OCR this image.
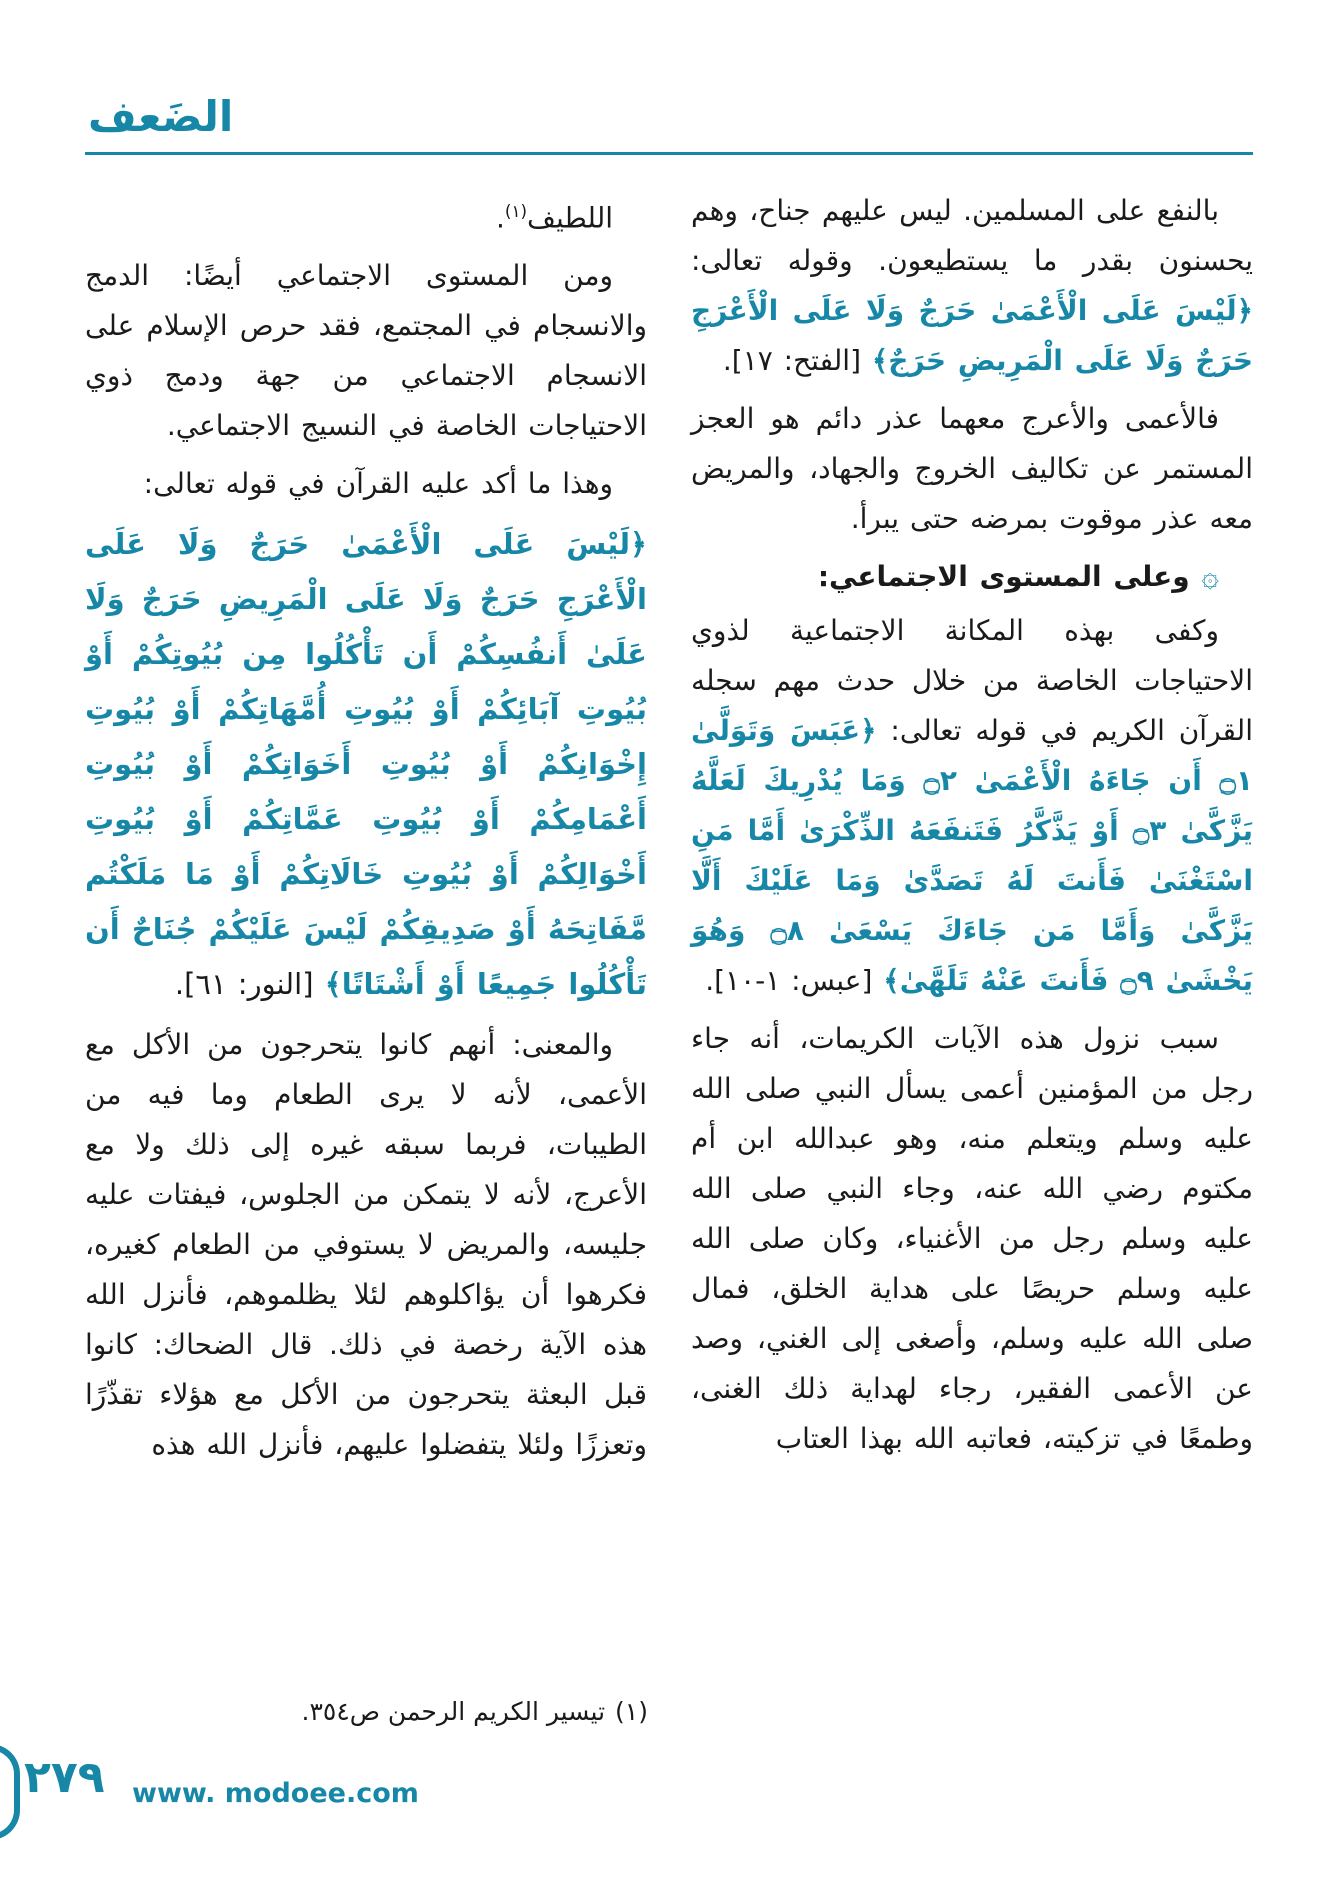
الضَعف

بالنفع على المسلمين. ليس عليهم جناح، وهم يحسنون بقدر ما يستطيعون. وقوله تعالى: ﴿لَيْسَ عَلَى الْأَعْمَىٰ حَرَجٌ وَلَا عَلَى الْأَعْرَجِ حَرَجٌ وَلَا عَلَى الْمَرِيضِ حَرَجٌ﴾ [الفتح: ١٧].

فالأعمى والأعرج معهما عذر دائم هو العجز المستمر عن تكاليف الخروج والجهاد، والمريض معه عذر موقوت بمرضه حتى يبرأ.

۞ وعلى المستوى الاجتماعي:

وكفى بهذه المكانة الاجتماعية لذوي الاحتياجات الخاصة من خلال حدث مهم سجله القرآن الكريم في قوله تعالى: ﴿عَبَسَ وَتَوَلَّىٰ ۝١ أَن جَاءَهُ الْأَعْمَىٰ ۝٢ وَمَا يُدْرِيكَ لَعَلَّهُ يَزَّكَّىٰ ۝٣ أَوْ يَذَّكَّرُ فَتَنفَعَهُ الذِّكْرَىٰ أَمَّا مَنِ اسْتَغْنَىٰ فَأَنتَ لَهُ تَصَدَّىٰ وَمَا عَلَيْكَ أَلَّا يَزَّكَّىٰ وَأَمَّا مَن جَاءَكَ يَسْعَىٰ ۝٨ وَهُوَ يَخْشَىٰ ۝٩ فَأَنتَ عَنْهُ تَلَهَّىٰ﴾ [عبس: ١-١٠].

سبب نزول هذه الآيات الكريمات، أنه جاء رجل من المؤمنين أعمى يسأل النبي صلى الله عليه وسلم ويتعلم منه، وهو عبدالله ابن أم مكتوم رضي الله عنه، وجاء النبي صلى الله عليه وسلم رجل من الأغنياء، وكان صلى الله عليه وسلم حريصًا على هداية الخلق، فمال صلى الله عليه وسلم، وأصغى إلى الغني، وصد عن الأعمى الفقير، رجاء لهداية ذلك الغنى، وطمعًا في تزكيته، فعاتبه الله بهذا العتاب

اللطيف$^{(١)}$.

ومن المستوى الاجتماعي أيضًا: الدمج والانسجام في المجتمع، فقد حرص الإسلام على الانسجام الاجتماعي من جهة ودمج ذوي الاحتياجات الخاصة في النسيج الاجتماعي.

وهذا ما أكد عليه القرآن في قوله تعالى:

﴿لَيْسَ عَلَى الْأَعْمَىٰ حَرَجٌ وَلَا عَلَى الْأَعْرَجِ حَرَجٌ وَلَا عَلَى الْمَرِيضِ حَرَجٌ وَلَا عَلَىٰ أَنفُسِكُمْ أَن تَأْكُلُوا مِن بُيُوتِكُمْ أَوْ بُيُوتِ آبَائِكُمْ أَوْ بُيُوتِ أُمَّهَاتِكُمْ أَوْ بُيُوتِ إِخْوَانِكُمْ أَوْ بُيُوتِ أَخَوَاتِكُمْ أَوْ بُيُوتِ أَعْمَامِكُمْ أَوْ بُيُوتِ عَمَّاتِكُمْ أَوْ بُيُوتِ أَخْوَالِكُمْ أَوْ بُيُوتِ خَالَاتِكُمْ أَوْ مَا مَلَكْتُم مَّفَاتِحَهُ أَوْ صَدِيقِكُمْ لَيْسَ عَلَيْكُمْ جُنَاحٌ أَن تَأْكُلُوا جَمِيعًا أَوْ أَشْتَاتًا﴾ [النور: ٦١].

والمعنى: أنهم كانوا يتحرجون من الأكل مع الأعمى، لأنه لا يرى الطعام وما فيه من الطيبات، فربما سبقه غيره إلى ذلك ولا مع الأعرج، لأنه لا يتمكن من الجلوس، فيفتات عليه جليسه، والمريض لا يستوفي من الطعام كغيره، فكرهوا أن يؤاكلوهم لئلا يظلموهم، فأنزل الله هذه الآية رخصة في ذلك. قال الضحاك: كانوا قبل البعثة يتحرجون من الأكل مع هؤلاء تقذّرًا وتعززًا ولئلا يتفضلوا عليهم، فأنزل الله هذه

(١)تيسير الكريم الرحمن ص٣٥٤.
٢٧٩ www. modoee.com
